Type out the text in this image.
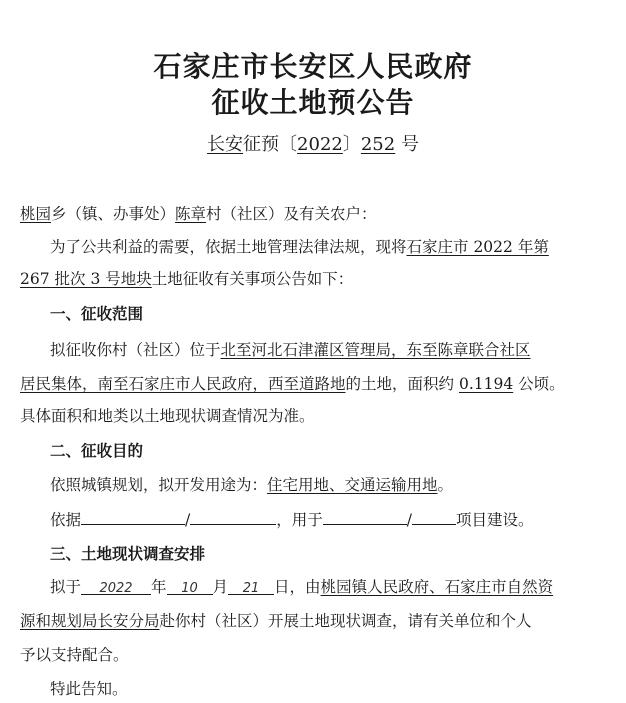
石家庄市长安区人民政府
征收土地预公告
长安征预〔2022〕252 号
桃园乡（镇、办事处）陈章村（社区）及有关农户：
为了公共利益的需要，依据土地管理法律法规，现将石家庄市 2022 年第
267 批次 3 号地块土地征收有关事项公告如下：
一、征收范围
拟征收你村（社区）位于北至河北石津灌区管理局，东至陈章联合社区
居民集体，南至石家庄市人民政府，西至道路地的土地，面积约 0.1194 公顷。
具体面积和地类以土地现状调查情况为准。
二、征收目的
依照城镇规划，拟开发用途为：住宅用地、交通运输用地。
依据	/	，用于	/	项目建设。
三、土地现状调查安排
拟于 2022 年 10 月 21 日，由桃园镇人民政府、石家庄市自然资
源和规划局长安分局赴你村（社区）开展土地现状调查，请有关单位和个人
予以支持配合。
特此告知。
